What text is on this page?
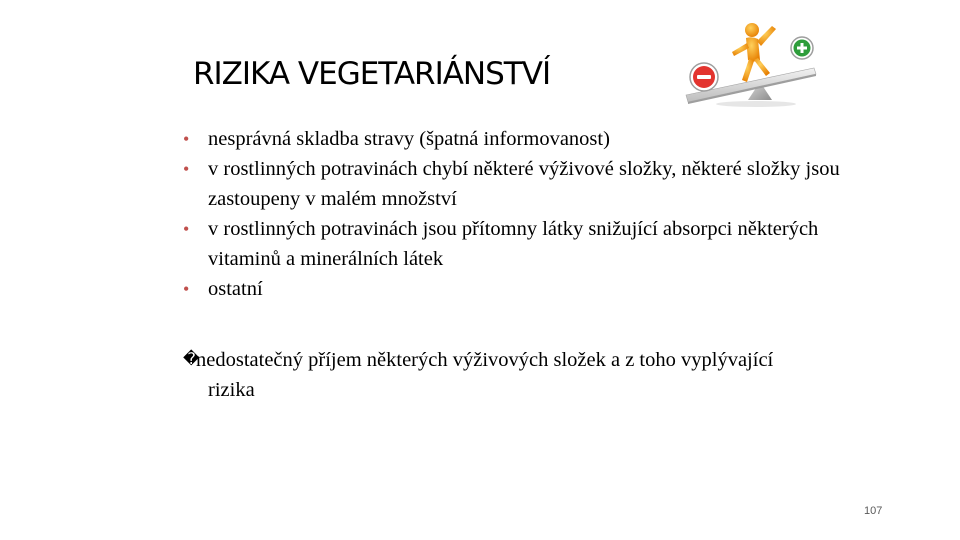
RIZIKA VEGETARIÁNSTVÍ
• nesprávná skladba stravy (špatná informovanost)
• v rostlinných potravinách chybí některé výživové složky, některé složky jsou zastoupeny v malém množství
• v rostlinných potravinách jsou přítomny látky snižující absorpci některých vitaminů a minerálních látek
• ostatní
�
nedostatečný příjem některých výživových složek a z toho vyplývající rizika
107
